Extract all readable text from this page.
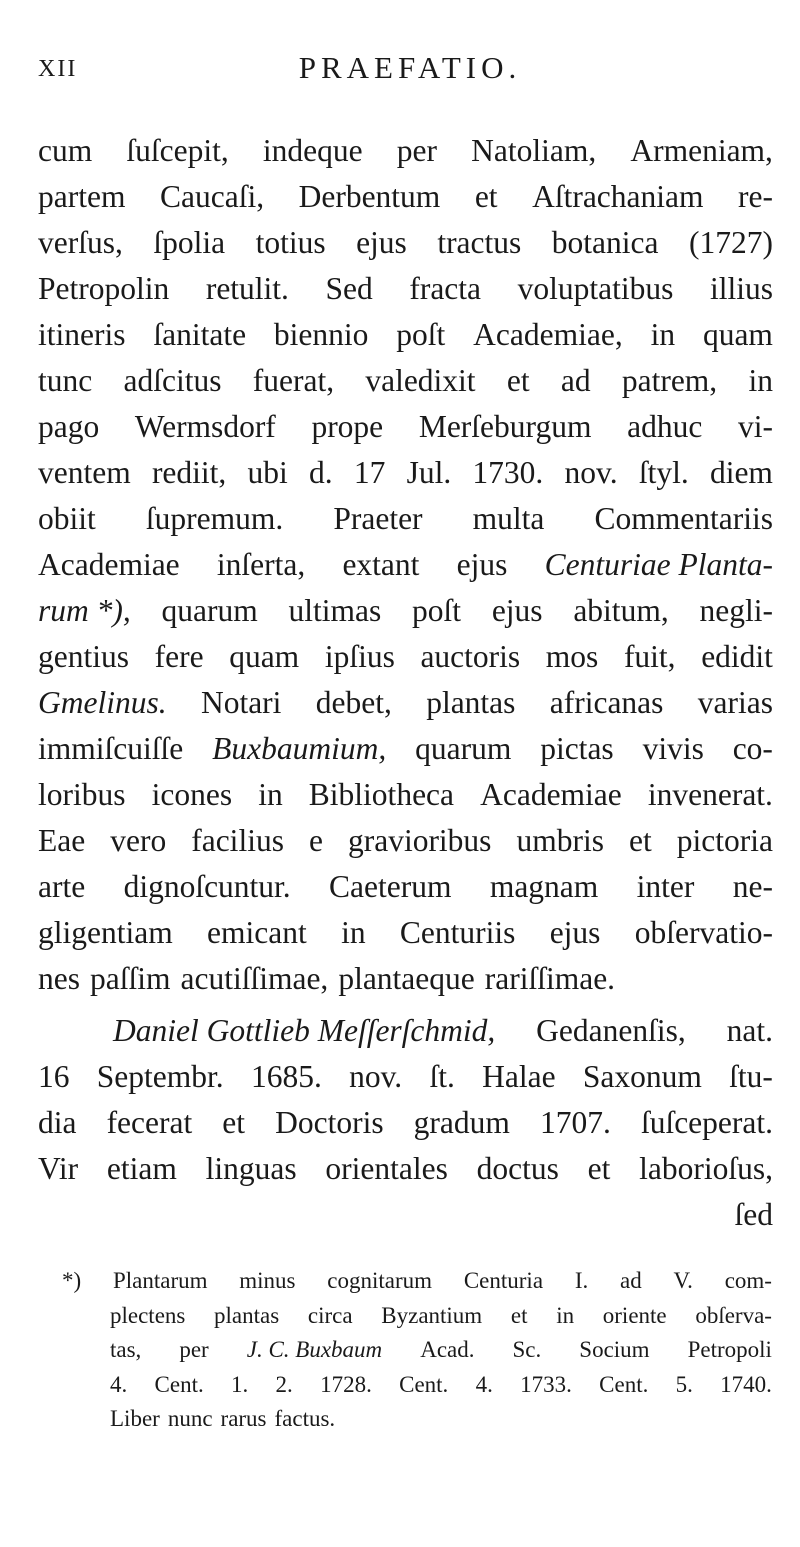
XII	PRAEFATIO.
cum ſuſcepit, indeque per Natoliam, Armeniam,
partem Caucaſi, Derbentum et Aſtrachaniam re-
verſus, ſpolia totius ejus tractus botanica (1727)
Petropolin retulit. Sed fracta voluptatibus illius
itineris ſanitate biennio poſt Academiae, in quam
tunc adſcitus fuerat, valedixit et ad patrem, in
pago Wermsdorf prope Merſeburgum adhuc vi-
ventem rediit, ubi d. 17 Jul. 1730. nov. ſtyl. diem
obiit ſupremum. Praeter multa Commentariis
Academiae inſerta, extant ejus Centuriae Planta-
rum *), quarum ultimas poſt ejus abitum, negli-
gentius fere quam ipſius auctoris mos fuit, edidit
Gmelinus. Notari debet, plantas africanas varias
immiſcuiſſe Buxbaumium, quarum pictas vivis co-
loribus icones in Bibliotheca Academiae invenerat.
Eae vero facilius e gravioribus umbris et pictoria
arte dignoſcuntur. Caeterum magnam inter ne-
gligentiam emicant in Centuriis ejus obſervatio-
nes paſſim acutiſſimae, plantaeque rariſſimae.
Daniel Gottlieb Meſſerſchmid, Gedanenſis, nat.
16 Septembr. 1685. nov. ſt. Halae Saxonum ſtu-
dia fecerat et Doctoris gradum 1707. ſuſceperat.
Vir etiam linguas orientales doctus et laborioſus,
ſed
*) Plantarum minus cognitarum Centuria I. ad V. com-
plectens plantas circa Byzantium et in oriente obſerva-
tas, per J. C. Buxbaum Acad. Sc. Socium Petropoli
4. Cent. 1. 2. 1728. Cent. 4. 1733. Cent. 5. 1740.
Liber nunc rarus factus.
